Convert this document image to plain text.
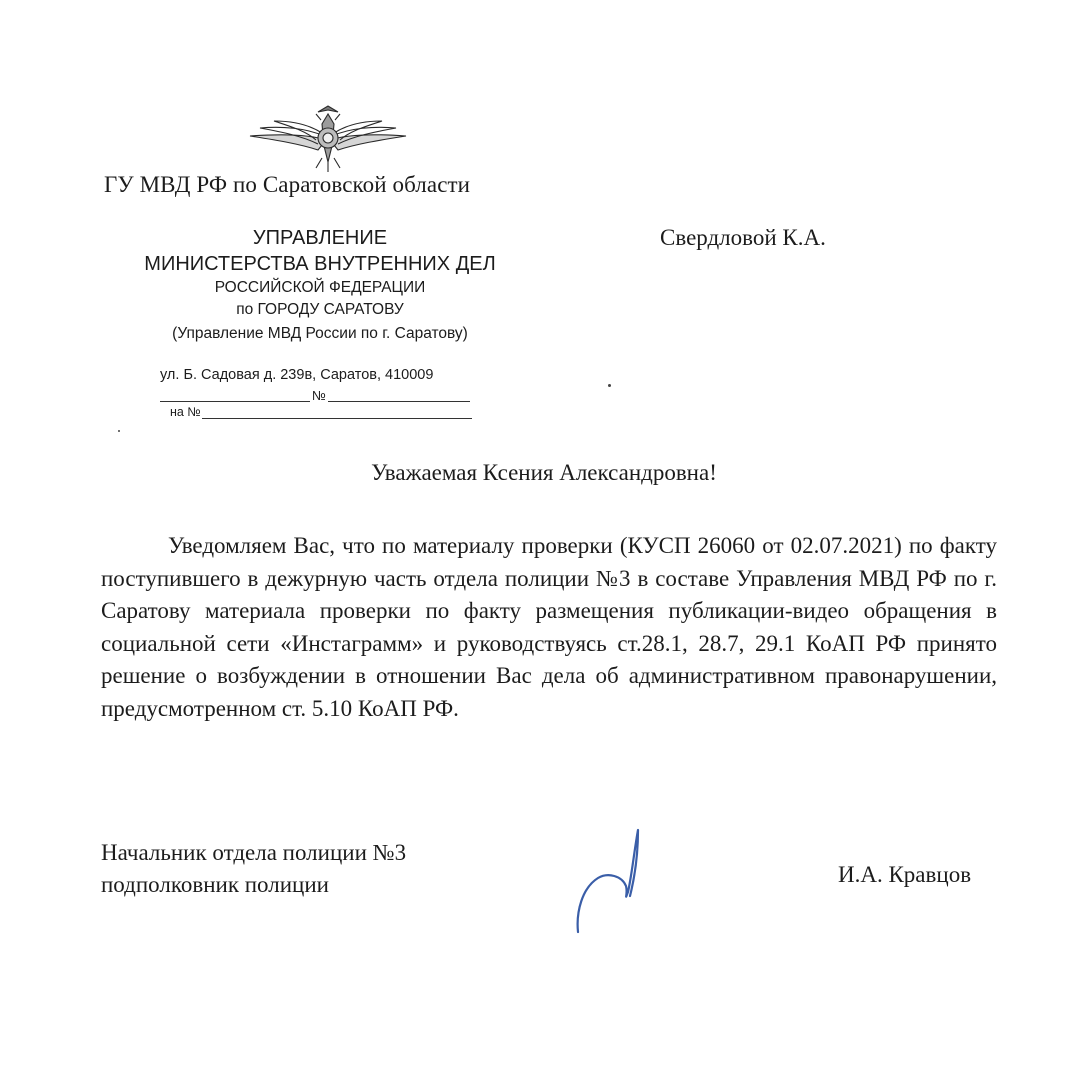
ГУ МВД РФ по Саратовской области
УПРАВЛЕНИЕ
МИНИСТЕРСТВА ВНУТРЕННИХ ДЕЛ
РОССИЙСКОЙ ФЕДЕРАЦИИ
по ГОРОДУ САРАТОВУ
(Управление МВД России по г. Саратову)
ул. Б. Садовая д. 239в, Саратов, 410009
№
на №
Свердловой К.А.
Уважаемая Ксения Александровна!
Уведомляем Вас, что по материалу проверки (КУСП 26060 от 02.07.2021) по факту поступившего в дежурную часть отдела полиции №3 в составе Управления МВД РФ по г. Саратову материала проверки по факту размещения публикации-видео обращения в социальной сети «Инстаграмм» и руководствуясь ст.28.1, 28.7, 29.1 КоАП РФ принято решение о возбуждении в отношении Вас дела об административном правонарушении, предусмотренном ст. 5.10 КоАП РФ.
Начальник отдела полиции №3
подполковник полиции	И.А. Кравцов
